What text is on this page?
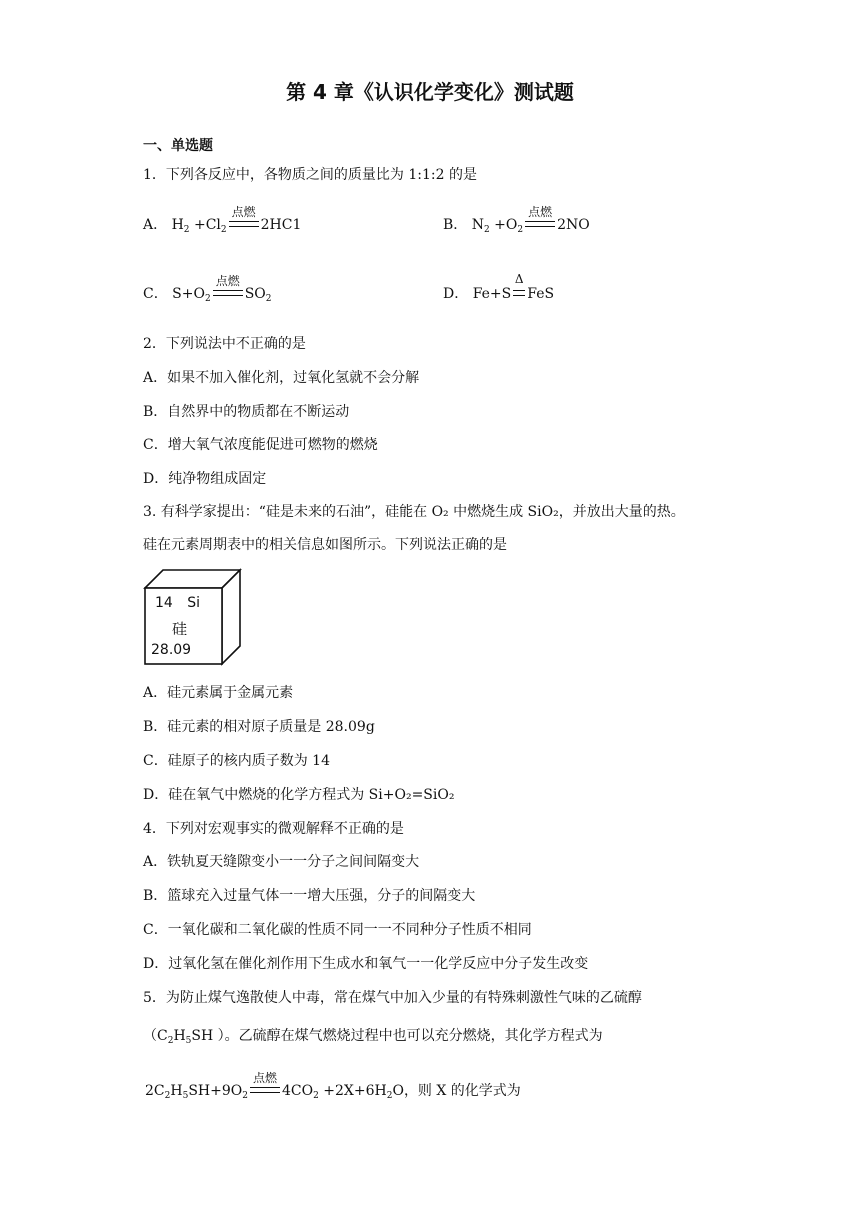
第 4 章《认识化学变化》测试题
一、单选题
1．下列各反应中，各物质之间的质量比为 1:1:2 的是
A． $H_2 +Cl_2$
点燃
2HC1	B． $N_2 +O_2$
点燃
2NO
C． $S+O_2$
点燃
$SO_2$	D． Fe+S
Δ
FeS
2．下列说法中不正确的是
A．如果不加入催化剂，过氧化氢就不会分解
B．自然界中的物质都在不断运动
C．增大氧气浓度能促进可燃物的燃烧
D．纯净物组成固定
3. 有科学家提出：“硅是未来的石油”，硅能在 O₂ 中燃烧生成 SiO₂，并放出大量的热。
硅在元素周期表中的相关信息如图所示。下列说法正确的是
14 Si
硅
28.09
A．硅元素属于金属元素
B．硅元素的相对原子质量是 28.09g
C．硅原子的核内质子数为 14
D．硅在氧气中燃烧的化学方程式为 Si+O₂=SiO₂
4．下列对宏观事实的微观解释不正确的是
A．铁轨夏天缝隙变小一一分子之间间隔变大
B．篮球充入过量气体一一增大压强，分子的间隔变大
C．一氧化碳和二氧化碳的性质不同一一不同种分子性质不相同
D．过氧化氢在催化剂作用下生成水和氧气一一化学反应中分子发生改变
5．为防止煤气逸散使人中毒，常在煤气中加入少量的有特殊刺激性气味的乙硫醇
（$C_2H_5SH$ ）。乙硫醇在煤气燃烧过程中也可以充分燃烧，其化学方程式为
$2C_2H_5SH+9O_2$
点燃
$4CO_2 +2X+6H_2O$，则 X 的化学式为
